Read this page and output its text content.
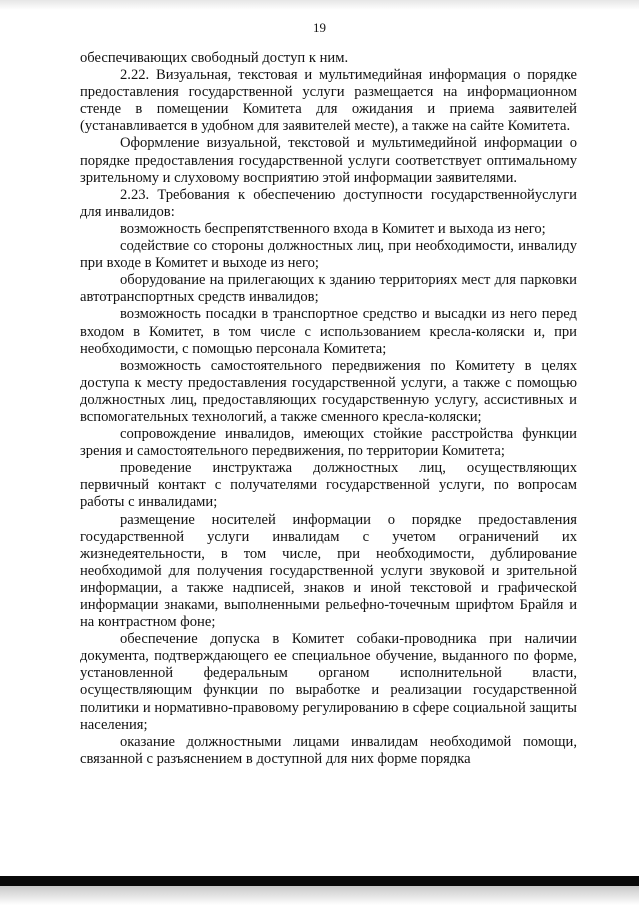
19

обеспечивающих свободный доступ к ним.

2.22. Визуальная, текстовая и мультимедийная информация о порядке предоставления государственной услуги размещается на информационном стенде в помещении Комитета для ожидания и приема заявителей (устанавливается в удобном для заявителей месте), а также на сайте Комитета.

Оформление визуальной, текстовой и мультимедийной информации о порядке предоставления государственной услуги соответствует оптимальному зрительному и слуховому восприятию этой информации заявителями.

2.23. Требования к обеспечению доступности государственнойуслуги для инвалидов:

возможность беспрепятственного входа в Комитет и выхода из него;

содействие со стороны должностных лиц, при необходимости, инвалиду при входе в Комитет и выходе из него;

оборудование на прилегающих к зданию территориях мест для парковки автотранспортных средств инвалидов;

возможность посадки в транспортное средство и высадки из него перед входом в Комитет, в том числе с использованием кресла-коляски и, при необходимости, с помощью персонала Комитета;

возможность самостоятельного передвижения по Комитету в целях доступа к месту предоставления государственной услуги, а также с помощью должностных лиц, предоставляющих государственную услугу, ассистивных и вспомогательных технологий, а также сменного кресла-коляски;

сопровождение инвалидов, имеющих стойкие расстройства функции зрения и самостоятельного передвижения, по территории Комитета;

проведение инструктажа должностных лиц, осуществляющих первичный контакт с получателями государственной услуги, по вопросам работы с инвалидами;

размещение носителей информации о порядке предоставления государственной услуги инвалидам с учетом ограничений их жизнедеятельности, в том числе, при необходимости, дублирование необходимой для получения государственной услуги звуковой и зрительной информации, а также надписей, знаков и иной текстовой и графической информации знаками, выполненными рельефно-точечным шрифтом Брайля и на контрастном фоне;

обеспечение допуска в Комитет собаки-проводника при наличии документа, подтверждающего ее специальное обучение, выданного по форме, установленной федеральным органом исполнительной власти, осуществляющим функции по выработке и реализации государственной политики и нормативно-правовому регулированию в сфере социальной защиты населения;

оказание должностными лицами инвалидам необходимой помощи, связанной с разъяснением в доступной для них форме порядка
